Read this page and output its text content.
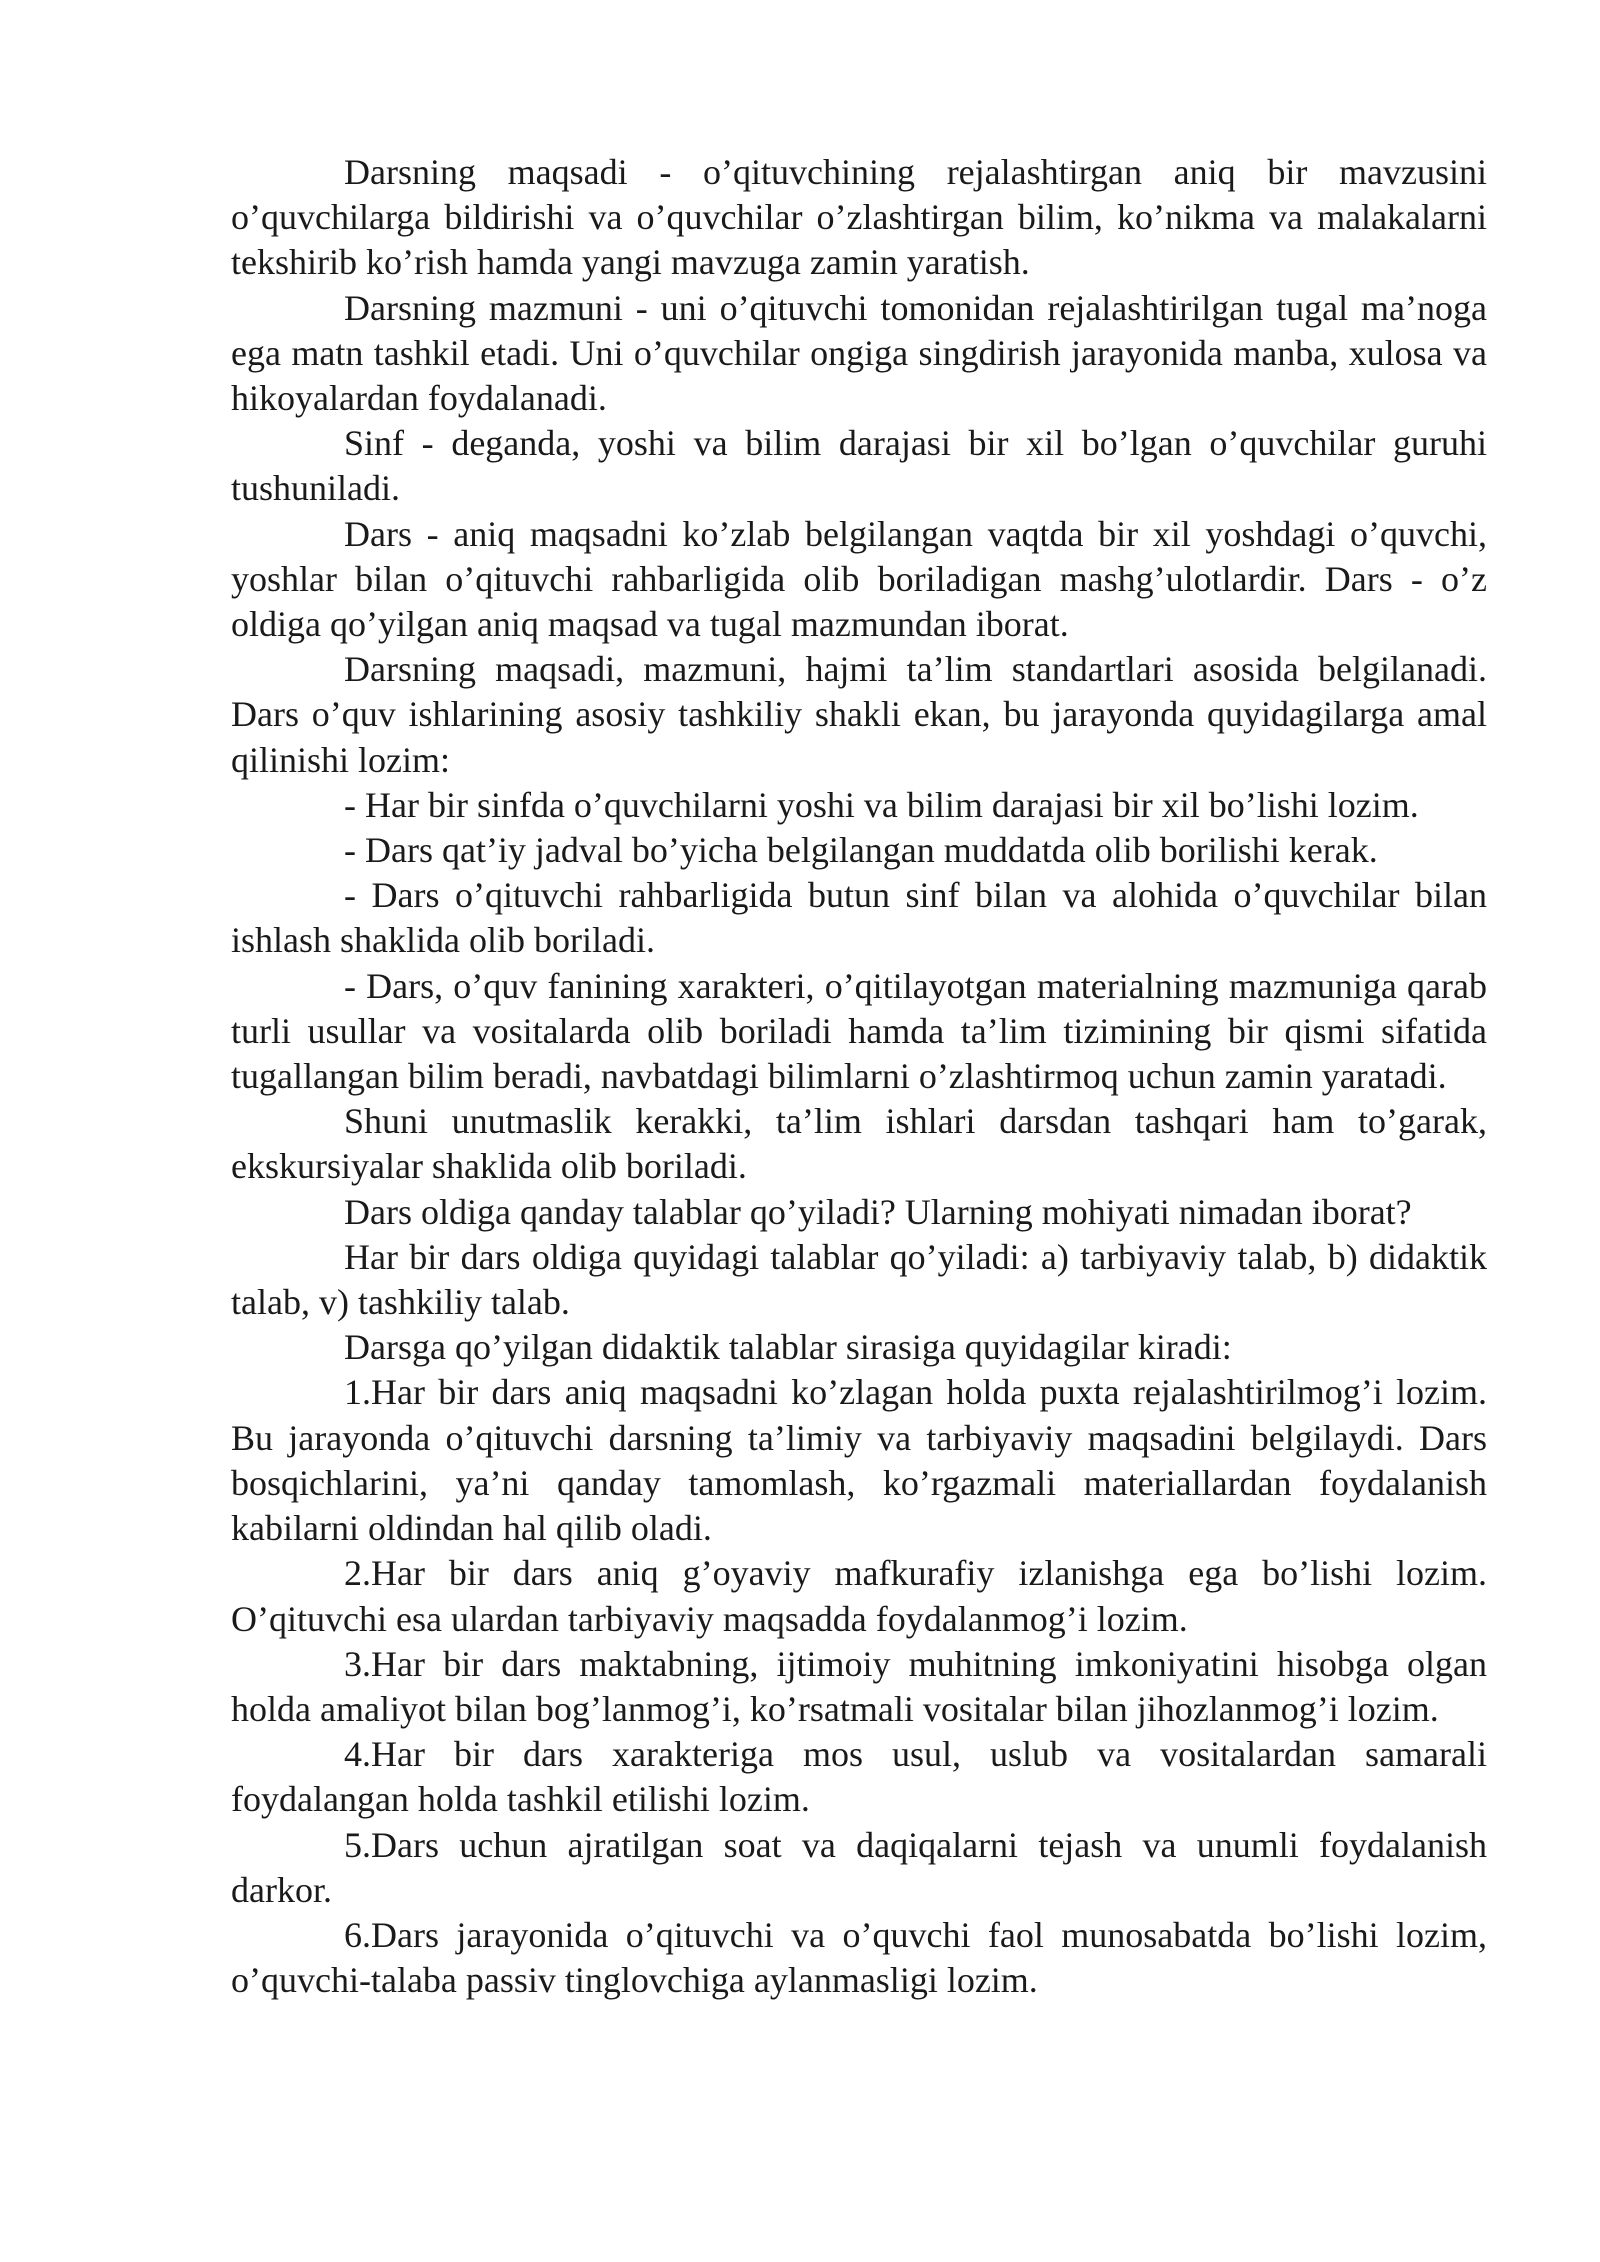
Darsning maqsadi - o’qituvchining rejalashtirgan aniq bir mavzusini o’quvchilarga bildirishi va o’quvchilar o’zlashtirgan bilim, ko’nikma va malakalarni tekshirib ko’rish hamda yangi mavzuga zamin yaratish.

Darsning mazmuni - uni o’qituvchi tomonidan rejalashtirilgan tugal ma’noga ega matn tashkil etadi. Uni o’quvchilar ongiga singdirish jarayonida manba, xulosa va hikoyalardan foydalanadi.

Sinf - deganda, yoshi va bilim darajasi bir xil bo’lgan o’quvchilar guruhi tushuniladi.

Dars - aniq maqsadni ko’zlab belgilangan vaqtda bir xil yoshdagi o’quvchi, yoshlar bilan o’qituvchi rahbarligida olib boriladigan mashg’ulotlardir. Dars - o’z oldiga qo’yilgan aniq maqsad va tugal mazmundan iborat.

Darsning maqsadi, mazmuni, hajmi ta’lim standartlari asosida belgilanadi. Dars o’quv ishlarining asosiy tashkiliy shakli ekan, bu jarayonda quyidagilarga amal qilinishi lozim:

- Har bir sinfda o’quvchilarni yoshi va bilim darajasi bir xil bo’lishi lozim.

- Dars qat’iy jadval bo’yicha belgilangan muddatda olib borilishi kerak.

- Dars o’qituvchi rahbarligida butun sinf bilan va alohida o’quvchilar bilan ishlash shaklida olib boriladi.

- Dars, o’quv fanining xarakteri, o’qitilayotgan materialning mazmuniga qarab turli usullar va vositalarda olib boriladi hamda ta’lim tizimining bir qismi sifatida tugallangan bilim beradi, navbatdagi bilimlarni o’zlashtirmoq uchun zamin yaratadi.

Shuni unutmaslik kerakki, ta’lim ishlari darsdan tashqari ham to’garak, ekskursiyalar shaklida olib boriladi.

Dars oldiga qanday talablar qo’yiladi? Ularning mohiyati nimadan iborat?

Har bir dars oldiga quyidagi talablar qo’yiladi: a) tarbiyaviy talab, b) didaktik talab, v) tashkiliy talab.

Darsga qo’yilgan didaktik talablar sirasiga quyidagilar kiradi:

1.Har bir dars aniq maqsadni ko’zlagan holda puxta rejalashtirilmog’i lozim. Bu jarayonda o’qituvchi darsning ta’limiy va tarbiyaviy maqsadini belgilaydi. Dars bosqichlarini, ya’ni qanday tamomlash, ko’rgazmali materiallardan foydalanish kabilarni oldindan hal qilib oladi.

2.Har bir dars aniq g’oyaviy mafkurafiy izlanishga ega bo’lishi lozim. O’qituvchi esa ulardan tarbiyaviy maqsadda foydalanmog’i lozim.

3.Har bir dars maktabning, ijtimoiy muhitning imkoniyatini hisobga olgan holda amaliyot bilan bog’lanmog’i, ko’rsatmali vositalar bilan jihozlanmog’i lozim.

4.Har bir dars xarakteriga mos usul, uslub va vositalardan samarali foydalangan holda tashkil etilishi lozim.

5.Dars uchun ajratilgan soat va daqiqalarni tejash va unumli foydalanish darkor.

6.Dars jarayonida o’qituvchi va o’quvchi faol munosabatda bo’lishi lozim, o’quvchi-talaba passiv tinglovchiga aylanmasligi lozim.
